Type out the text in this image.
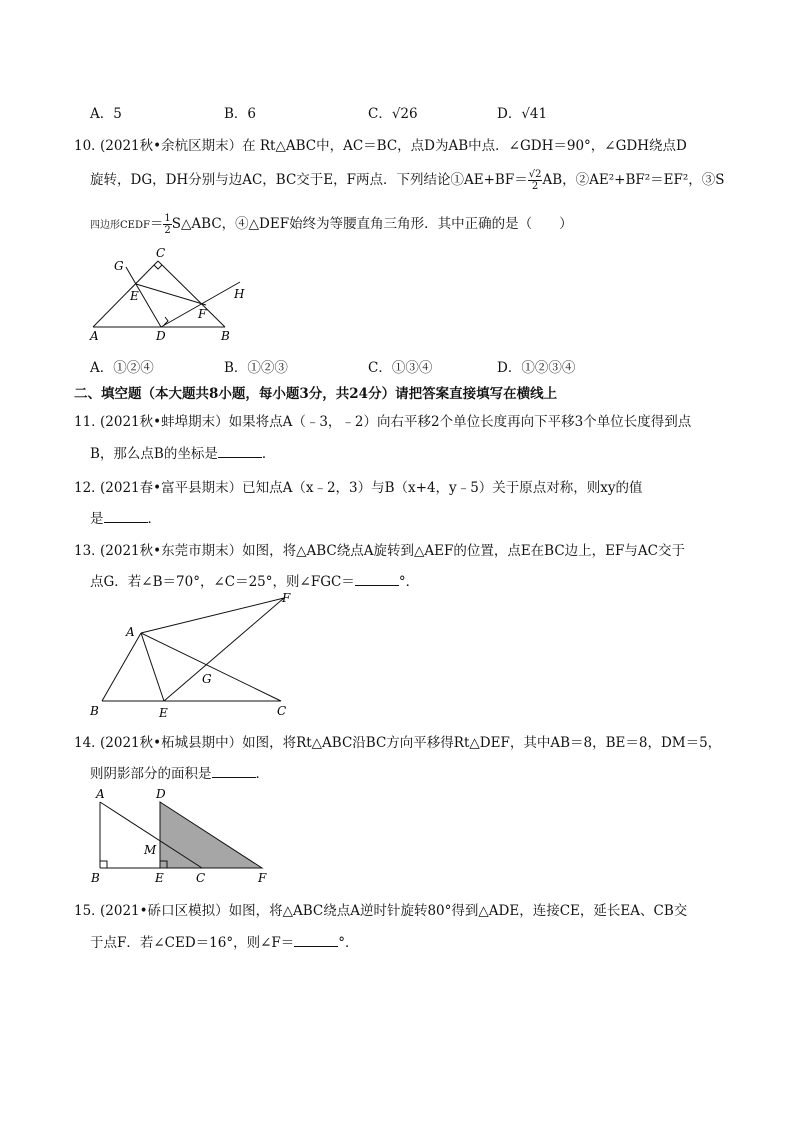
A．5	B．6	C．√26	D．√41
10．
(2021秋•余杭区期末）在 Rt△ABC中，AC＝BC，点D为AB中点．∠GDH＝90°，∠GDH绕点D
旋转，DG，DH分别与边AC，BC交于E，F两点．下列结论①AE+BF＝ $\frac{√2}{2}$ AB，②AE²+BF²＝EF²，③S
四边形CEDF＝ $\frac{1}{2}$ S△ABC，④△DEF始终为等腰直角三角形．其中正确的是（　　）
G
C
E	H
F
A	D	B
A．①②④	B．①②③	C．①③④	D．①②③④
二、填空题（本大题共8小题，每小题3分，共24分）请把答案直接填写在横线上
11．
(2021秋•蚌埠期末）如果将点A（﹣3，﹣2）向右平移2个单位长度再向下平移3个单位长度得到点
B，那么点B的坐标是	．
12．
(2021春•富平县期末）已知点A（x﹣2，3）与B（x+4，y﹣5）关于原点对称，则xy的值
是	．
13．
(2021秋•东莞市期末）如图，将△ABC绕点A旋转到△AEF的位置，点E在BC边上，EF与AC交于
点G．若∠B＝70°，∠C＝25°，则∠FGC＝	°．
F
A
G
B	E	C
14．
(2021秋•柘城县期中）如图，将Rt△ABC沿BC方向平移得Rt△DEF，其中AB＝8，BE＝8，DM＝5，
则阴影部分的面积是	．
A	D
M
B	E	C	F
15．
(2021•硚口区模拟）如图，将△ABC绕点A逆时针旋转80°得到△ADE，连接CE，延长EA、CB交
于点F．若∠CED＝16°，则∠F＝	°．
